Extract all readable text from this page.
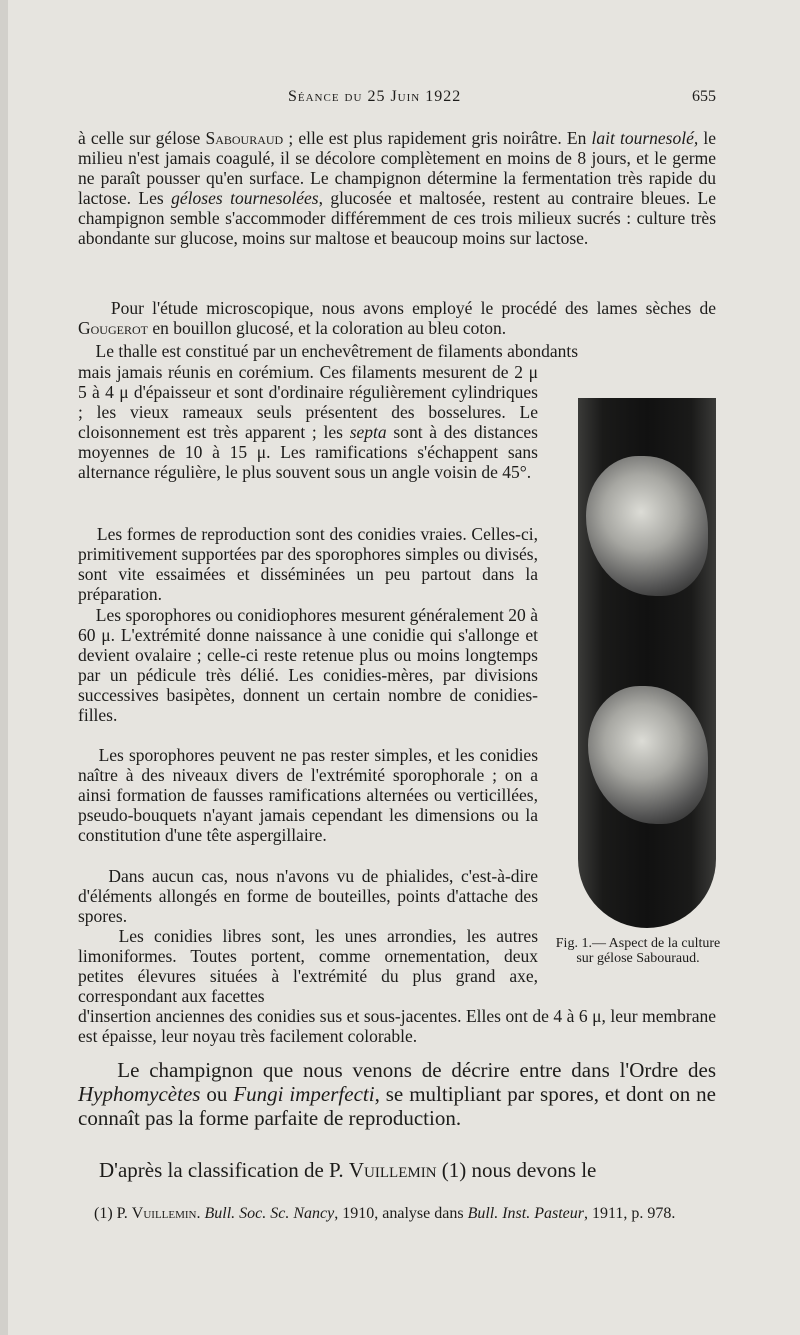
Séance du 25 Juin 1922	655

à celle sur gélose Sabouraud ; elle est plus rapidement gris noirâtre. En lait tournesolé, le milieu n'est jamais coagulé, il se décolore complètement en moins de 8 jours, et le germe ne paraît pousser qu'en surface. Le champignon détermine la fermentation très rapide du lactose. Les géloses tournesolées, glucosée et maltosée, restent au contraire bleues. Le champignon semble s'accommoder différemment de ces trois milieux sucrés : culture très abondante sur glucose, moins sur maltose et beaucoup moins sur lactose.

Pour l'étude microscopique, nous avons employé le procédé des lames sèches de Gougerot en bouillon glucosé, et la coloration au bleu coton.

Le thalle est constitué par un enchevêtrement de filaments abondants

mais jamais réunis en corémium. Ces filaments mesurent de 2 μ 5 à 4 μ d'épaisseur et sont d'ordinaire régulièrement cylindriques ; les vieux rameaux seuls présentent des bosselures. Le cloisonnement est très apparent ; les septa sont à des distances moyennes de 10 à 15 μ. Les ramifications s'échappent sans alternance régulière, le plus souvent sous un angle voisin de 45°.

Les formes de reproduction sont des conidies vraies. Celles-ci, primitivement supportées par des sporophores simples ou divisés, sont vite essaimées et disséminées un peu partout dans la préparation.

Les sporophores ou conidiophores mesurent généralement 20 à 60 μ. L'extrémité donne naissance à une conidie qui s'allonge et devient ovalaire ; celle-ci reste retenue plus ou moins longtemps par un pédicule très délié. Les conidies-mères, par divisions successives basipètes, donnent un certain nombre de conidies-filles.

Les sporophores peuvent ne pas rester simples, et les conidies naître à des niveaux divers de l'extrémité sporophorale ; on a ainsi formation de fausses ramifications alternées ou verticillées, pseudo-bouquets n'ayant jamais cependant les dimensions ou la constitution d'une tête aspergillaire.

Dans aucun cas, nous n'avons vu de phialides, c'est-à-dire d'éléments allongés en forme de bouteilles, points d'attache des spores.

Les conidies libres sont, les unes arrondies, les autres limoniformes. Toutes portent, comme ornementation, deux petites élevures situées à l'extrémité du plus grand axe, correspondant aux facettes

d'insertion anciennes des conidies sus et sous-jacentes. Elles ont de 4 à 6 μ, leur membrane est épaisse, leur noyau très facilement colorable.

Fig. 1.— Aspect de la culture sur gélose Sabouraud.

Le champignon que nous venons de décrire entre dans l'Ordre des Hyphomycètes ou Fungi imperfecti, se multipliant par spores, et dont on ne connaît pas la forme parfaite de reproduction.

D'après la classification de P. Vuillemin (1) nous devons le

(1) P. Vuillemin. Bull. Soc. Sc. Nancy, 1910, analyse dans Bull. Inst. Pasteur, 1911, p. 978.
